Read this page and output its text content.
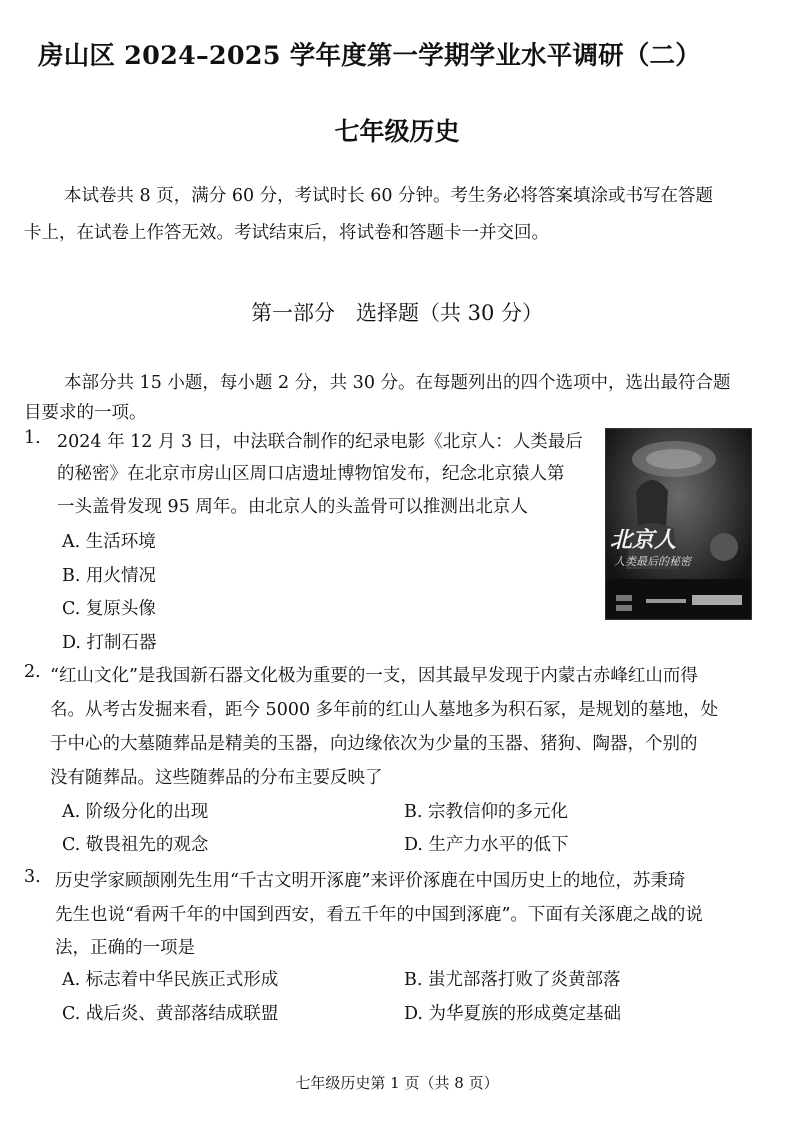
房山区 2024–2025 学年度第一学期学业水平调研（二）
七年级历史
本试卷共 8 页，满分 60 分，考试时长 60 分钟。考生务必将答案填涂或书写在答题
卡上，在试卷上作答无效。考试结束后，将试卷和答题卡一并交回。
第一部分　选择题（共 30 分）
本部分共 15 小题，每小题 2 分，共 30 分。在每题列出的四个选项中，选出最符合题
目要求的一项。
1. 2024 年 12 月 3 日，中法联合制作的纪录电影《北京人：人类最后
的秘密》在北京市房山区周口店遗址博物馆发布，纪念北京猿人第
一头盖骨发现 95 周年。由北京人的头盖骨可以推测出北京人
A. 生活环境
B. 用火情况
C. 复原头像
D. 打制石器
北京人
人类最后的秘密
2. “红山文化”是我国新石器文化极为重要的一支，因其最早发现于内蒙古赤峰红山而得
名。从考古发掘来看，距今 5000 多年前的红山人墓地多为积石冢，是规划的墓地，处
于中心的大墓随葬品是精美的玉器，向边缘依次为少量的玉器、猪狗、陶器，个别的
没有随葬品。这些随葬品的分布主要反映了
A. 阶级分化的出现	B. 宗教信仰的多元化
C. 敬畏祖先的观念	D. 生产力水平的低下
3. 历史学家顾颉刚先生用“千古文明开涿鹿”来评价涿鹿在中国历史上的地位，苏秉琦
先生也说“看两千年的中国到西安，看五千年的中国到涿鹿”。下面有关涿鹿之战的说
法，正确的一项是
A. 标志着中华民族正式形成	B. 蚩尤部落打败了炎黄部落
C. 战后炎、黄部落结成联盟	D. 为华夏族的形成奠定基础
七年级历史第 1 页（共 8 页）
